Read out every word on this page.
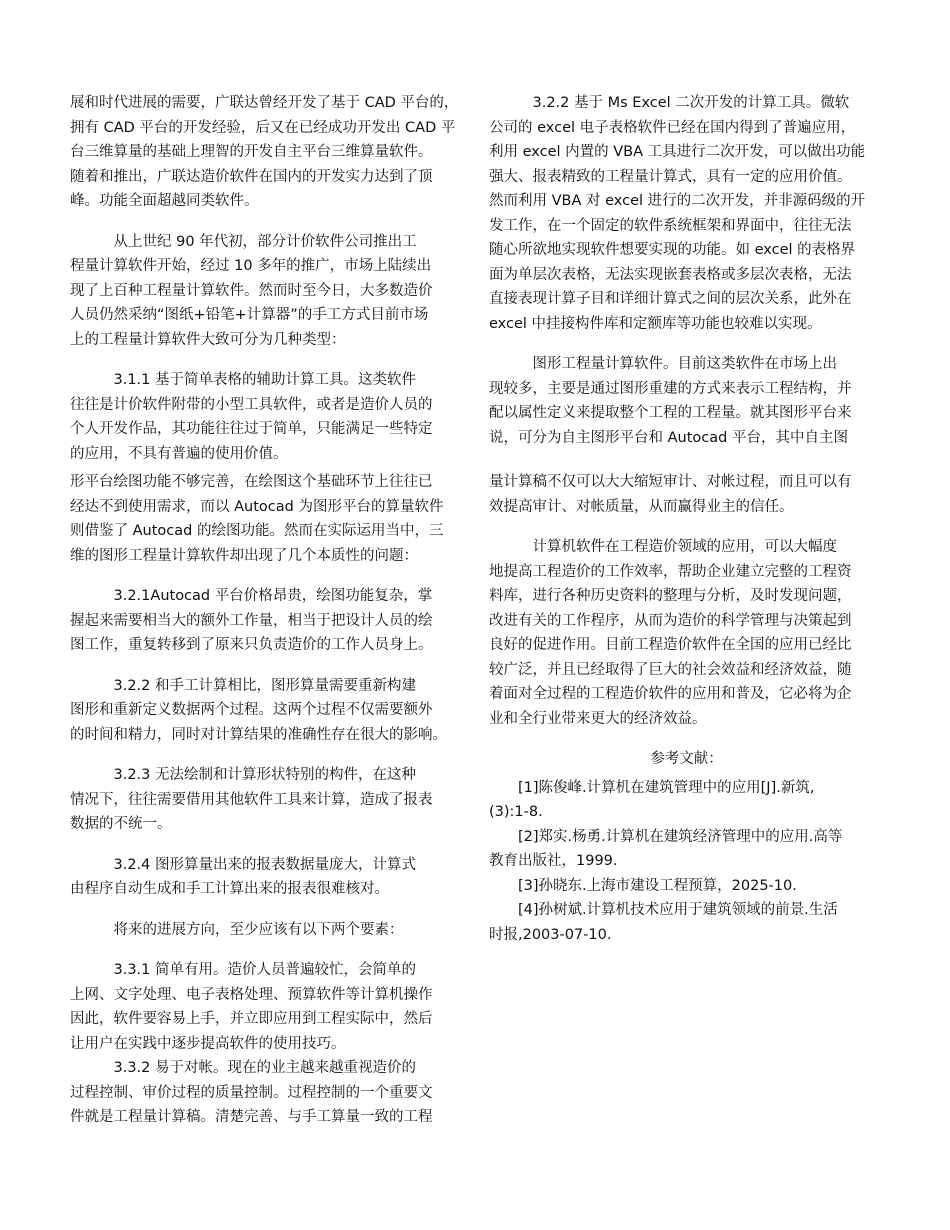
展和时代进展的需要，广联达曾经开发了基于 CAD 平台的，

拥有 CAD 平台的开发经验，后又在已经成功开发出 CAD 平

台三维算量的基础上理智的开发自主平台三维算量软件。

随着和推出，广联达造价软件在国内的开发实力达到了顶

峰。功能全面超越同类软件。

　　　从上世纪 90 年代初，部分计价软件公司推出工

程量计算软件开始，经过 10 多年的推广，市场上陆续出

现了上百种工程量计算软件。然而时至今日，大多数造价

人员仍然采纳“图纸+铅笔+计算器”的手工方式目前市场

上的工程量计算软件大致可分为几种类型：

　　　3.1.1 基于简单表格的辅助计算工具。这类软件

往往是计价软件附带的小型工具软件，或者是造价人员的

个人开发作品，其功能往往过于简单，只能满足一些特定

的应用，不具有普遍的使用价值。

　　　3.2.2 基于 Ms Excel 二次开发的计算工具。微软

公司的 excel 电子表格软件已经在国内得到了普遍应用，

利用 excel 内置的 VBA 工具进行二次开发，可以做出功能

强大、报表精致的工程量计算式，具有一定的应用价值。

然而利用 VBA 对 excel 进行的二次开发，并非源码级的开

发工作，在一个固定的软件系统框架和界面中，往往无法

随心所欲地实现软件想要实现的功能。如 excel 的表格界

面为单层次表格，无法实现嵌套表格或多层次表格，无法

直接表现计算子目和详细计算式之间的层次关系，此外在

excel 中挂接构件库和定额库等功能也较难以实现。

　　　图形工程量计算软件。目前这类软件在市场上出

现较多，主要是通过图形重建的方式来表示工程结构，并

配以属性定义来提取整个工程的工程量。就其图形平台来

说，可分为自主图形平台和 Autocad 平台，其中自主图

形平台绘图功能不够完善，在绘图这个基础环节上往往已

经达不到使用需求，而以 Autocad 为图形平台的算量软件

则借鉴了 Autocad 的绘图功能。然而在实际运用当中，三

维的图形工程量计算软件却出现了几个本质性的问题：

　　　3.2.1Autocad 平台价格昂贵，绘图功能复杂，掌

握起来需要相当大的额外工作量，相当于把设计人员的绘

图工作，重复转移到了原来只负责造价的工作人员身上。

　　　3.2.2 和手工计算相比，图形算量需要重新构建

图形和重新定义数据两个过程。这两个过程不仅需要额外

的时间和精力，同时对计算结果的准确性存在很大的影响。

　　　3.2.3 无法绘制和计算形状特别的构件，在这种

情况下，往往需要借用其他软件工具来计算，造成了报表

数据的不统一。

　　　3.2.4 图形算量出来的报表数据量庞大，计算式

由程序自动生成和手工计算出来的报表很难核对。

　　　将来的进展方向，至少应该有以下两个要素：

　　　3.3.1 简单有用。造价人员普遍较忙，会简单的

上网、文字处理、电子表格处理、预算软件等计算机操作

因此，软件要容易上手，并立即应用到工程实际中，然后

让用户在实践中逐步提高软件的使用技巧。

　　　3.3.2 易于对帐。现在的业主越来越重视造价的

过程控制、审价过程的质量控制。过程控制的一个重要文

件就是工程量计算稿。清楚完善、与手工算量一致的工程

量计算稿不仅可以大大缩短审计、对帐过程，而且可以有

效提高审计、对帐质量，从而赢得业主的信任。

　　　计算机软件在工程造价领域的应用，可以大幅度

地提高工程造价的工作效率，帮助企业建立完整的工程资

料库，进行各种历史资料的整理与分析，及时发现问题，

改进有关的工作程序，从而为造价的科学管理与决策起到

良好的促进作用。目前工程造价软件在全国的应用已经比

较广泛，并且已经取得了巨大的社会效益和经济效益，随

着面对全过程的工程造价软件的应用和普及，它必将为企

业和全行业带来更大的经济效益。

参考文献：

　　[1]陈俊峰.计算机在建筑管理中的应用[J].新筑,

(3):1-8.

　　[2]郑实.杨勇.计算机在建筑经济管理中的应用.高等

教育出版社，1999.

　　[3]孙晓东.上海市建设工程预算，2025-10.

　　[4]孙树斌.计算机技术应用于建筑领域的前景.生活

时报,2003-07-10.
